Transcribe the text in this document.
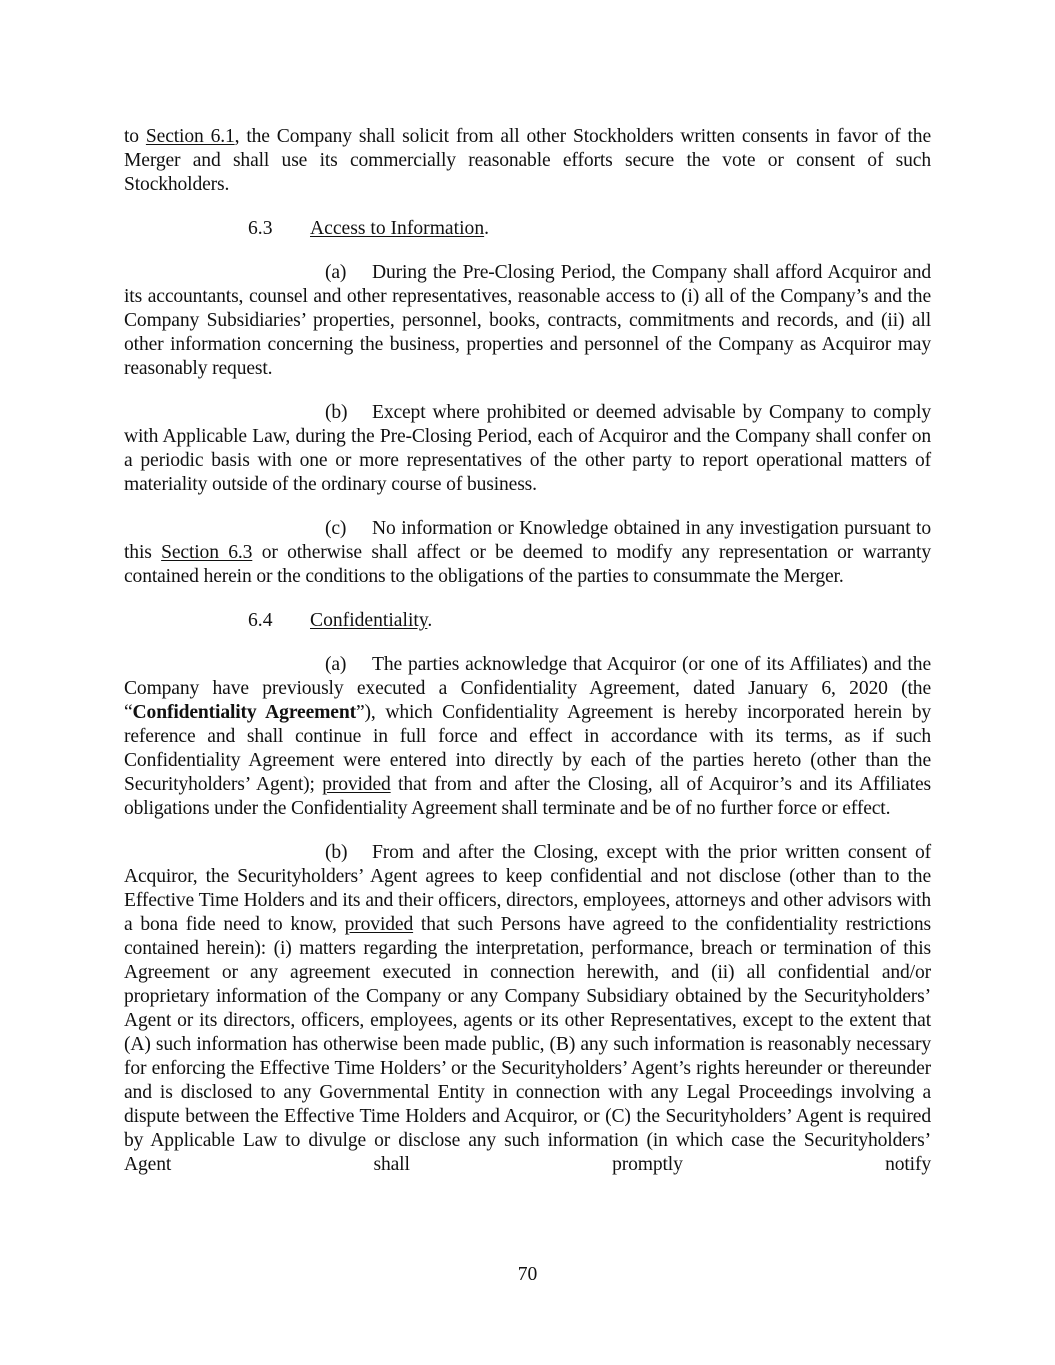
to Section 6.1, the Company shall solicit from all other Stockholders written consents in favor of the Merger and shall use its commercially reasonable efforts secure the vote or consent of such Stockholders.

6.3 Access to Information.

(a) During the Pre-Closing Period, the Company shall afford Acquiror and its accountants, counsel and other representatives, reasonable access to (i) all of the Company’s and the Company Subsidiaries’ properties, personnel, books, contracts, commitments and records, and (ii) all other information concerning the business, properties and personnel of the Company as Acquiror may reasonably request.

(b) Except where prohibited or deemed advisable by Company to comply with Applicable Law, during the Pre-Closing Period, each of Acquiror and the Company shall confer on a periodic basis with one or more representatives of the other party to report operational matters of materiality outside of the ordinary course of business.

(c) No information or Knowledge obtained in any investigation pursuant to this Section 6.3 or otherwise shall affect or be deemed to modify any representation or warranty contained herein or the conditions to the obligations of the parties to consummate the Merger.

6.4 Confidentiality.

(a) The parties acknowledge that Acquiror (or one of its Affiliates) and the Company have previously executed a Confidentiality Agreement, dated January 6, 2020 (the “Confidentiality Agreement”), which Confidentiality Agreement is hereby incorporated herein by reference and shall continue in full force and effect in accordance with its terms, as if such Confidentiality Agreement were entered into directly by each of the parties hereto (other than the Securityholders’ Agent); provided that from and after the Closing, all of Acquiror’s and its Affiliates obligations under the Confidentiality Agreement shall terminate and be of no further force or effect.

(b) From and after the Closing, except with the prior written consent of Acquiror, the Securityholders’ Agent agrees to keep confidential and not disclose (other than to the Effective Time Holders and its and their officers, directors, employees, attorneys and other advisors with a bona fide need to know, provided that such Persons have agreed to the confidentiality restrictions contained herein): (i) matters regarding the interpretation, performance, breach or termination of this Agreement or any agreement executed in connection herewith, and (ii) all confidential and/or proprietary information of the Company or any Company Subsidiary obtained by the Securityholders’ Agent or its directors, officers, employees, agents or its other Representatives, except to the extent that (A) such information has otherwise been made public, (B) any such information is reasonably necessary for enforcing the Effective Time Holders’ or the Securityholders’ Agent’s rights hereunder or thereunder and is disclosed to any Governmental Entity in connection with any Legal Proceedings involving a dispute between the Effective Time Holders and Acquiror, or (C) the Securityholders’ Agent is required by Applicable Law to divulge or disclose any such information (in which case the Securityholders’ Agent shall promptly notify

70
